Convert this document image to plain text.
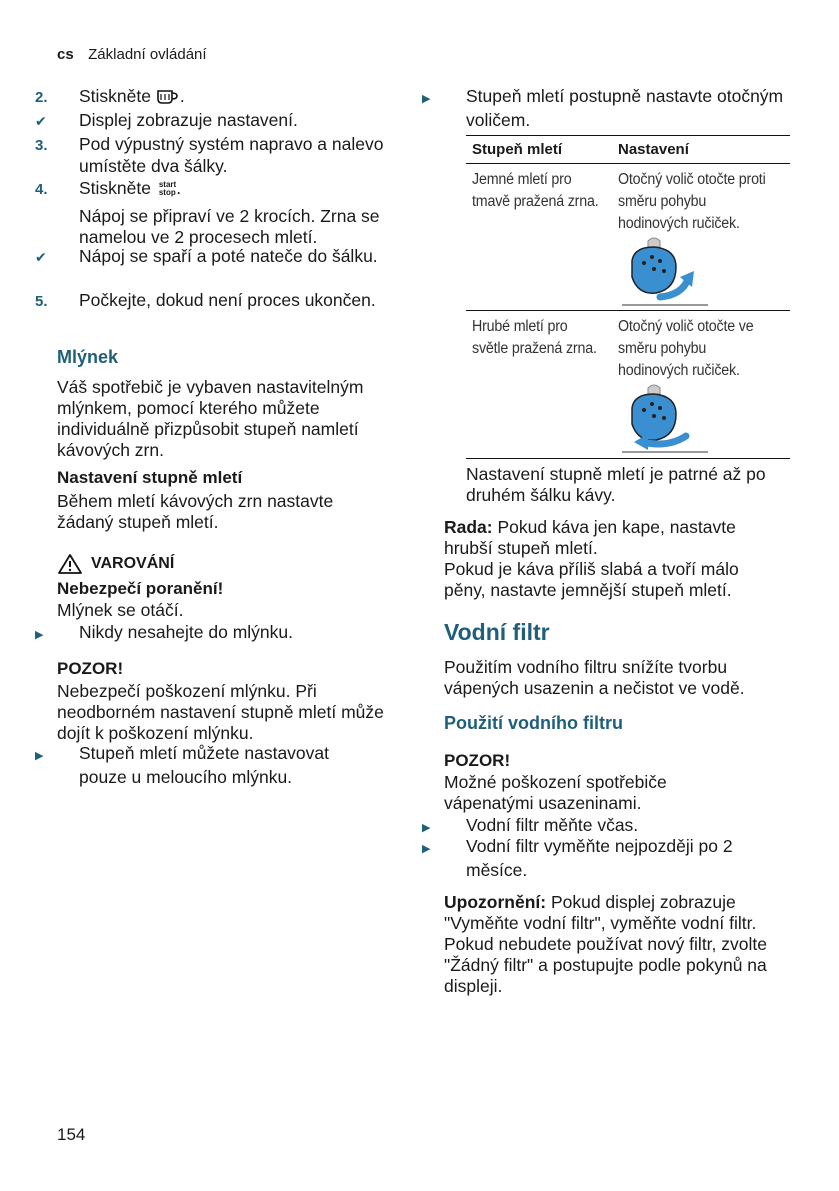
cs Základní ovládání
2. Stiskněte .
✔ Displej zobrazuje nastavení.
3. Pod výpustný systém napravo a nalevo umístěte dva šálky.
4. Stiskněte start
stop .
Nápoj se připraví ve 2 krocích. Zrna se namelou ve 2 procesech mletí.
✔ Nápoj se spaří a poté nateče do šálku.
5. Počkejte, dokud není proces ukončen.
Mlýnek
Váš spotřebič je vybaven nastavitelným mlýnkem, pomocí kterého můžete individuálně přizpůsobit stupeň namletí kávových zrn.
Nastavení stupně mletí
Během mletí kávových zrn nastavte žádaný stupeň mletí.
VAROVÁNÍ
Nebezpečí poranění!
Mlýnek se otáčí.
▶ Nikdy nesahejte do mlýnku.
POZOR!
Nebezpečí poškození mlýnku. Při neodborném nastavení stupně mletí může dojít k poškození mlýnku.
▶ Stupeň mletí můžete nastavovat pouze u meloucího mlýnku.
▶ Stupeň mletí postupně nastavte otočným voličem.
Stupeň mletí	Nastavení
Jemné mletí pro tmavě pražená zrna.
Otočný volič otočte proti směru pohybu hodinových ručiček.
Hrubé mletí pro světle pražená zrna.
Otočný volič otočte ve směru pohybu hodinových ručiček.
Nastavení stupně mletí je patrné až po druhém šálku kávy.
Rada: Pokud káva jen kape, nastavte hrubší stupeň mletí.
Pokud je káva příliš slabá a tvoří málo pěny, nastavte jemnější stupeň mletí.
Vodní filtr
Použitím vodního filtru snížíte tvorbu vápených usazenin a nečistot ve vodě.
Použití vodního filtru
POZOR!
Možné poškození spotřebiče vápenatými usazeninami.
▶ Vodní filtr měňte včas.
▶ Vodní filtr vyměňte nejpozději po 2 měsíce.
Upozornění: Pokud displej zobrazuje "Vyměňte vodní filtr", vyměňte vodní filtr.
Pokud nebudete používat nový filtr, zvolte "Žádný filtr" a postupujte podle pokynů na displeji.
154
